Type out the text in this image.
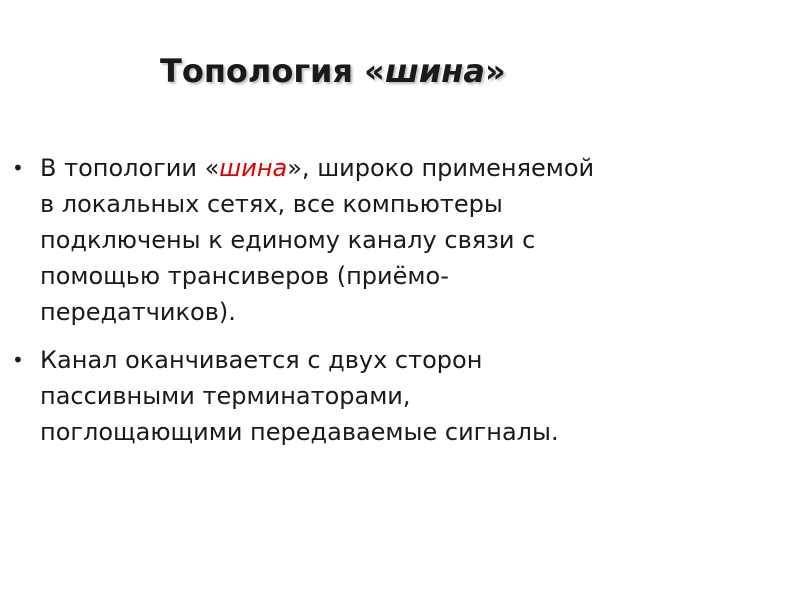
Топология «шина»
• В топологии «шина», широко применяемой
в локальных сетях, все компьютеры
подключены к единому каналу связи с
помощью трансиверов (приёмо-
передатчиков).
• Канал оканчивается с двух сторон
пассивными терминаторами,
поглощающими передаваемые сигналы.
